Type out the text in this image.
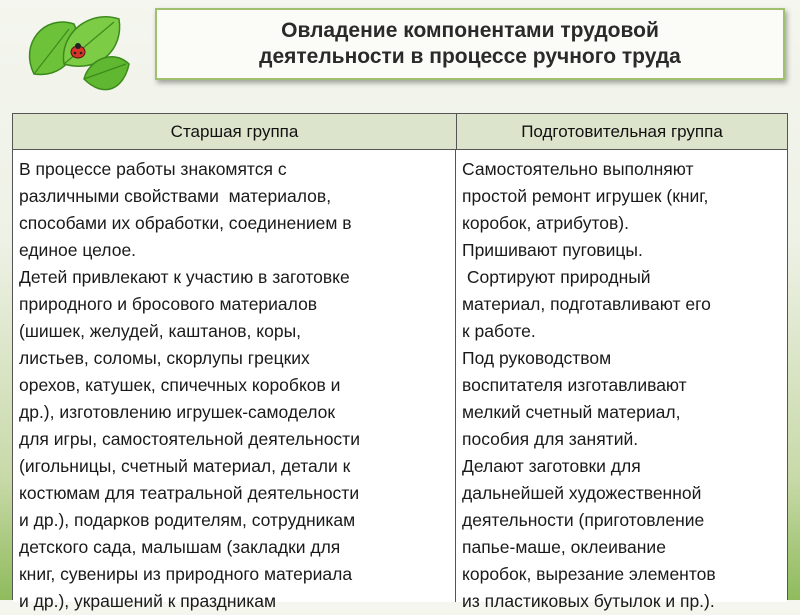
Овладение компонентами трудовой
деятельности в процессе ручного труда
Старшая группа	Подготовительная группа

В процессе работы знакомятся с

различными свойствами  материалов,

способами их обработки, соединением в

единое целое.

Детей привлекают к участию в заготовке

природного и бросового материалов

(шишек, желудей, каштанов, коры,

листьев, соломы, скорлупы грецких

орехов, катушек, спичечных коробков и

др.), изготовлению игрушек-самоделок

для игры, самостоятельной деятельности

(игольницы, счетный материал, детали к

костюмам для театральной деятельности

и др.), подарков родителям, сотрудникам

детского сада, малышам (закладки для

книг, сувениры из природного материала

и др.), украшений к праздникам

Самостоятельно выполняют

простой ремонт игрушек (книг,

коробок, атрибутов).

Пришивают пуговицы.

Сортируют природный

материал, подготавливают его

к работе.

Под руководством

воспитателя изготавливают

мелкий счетный материал,

пособия для занятий.

Делают заготовки для

дальнейшей художественной

деятельности (приготовление

папье-маше, оклеивание

коробок, вырезание элементов

из пластиковых бутылок и пр.).
